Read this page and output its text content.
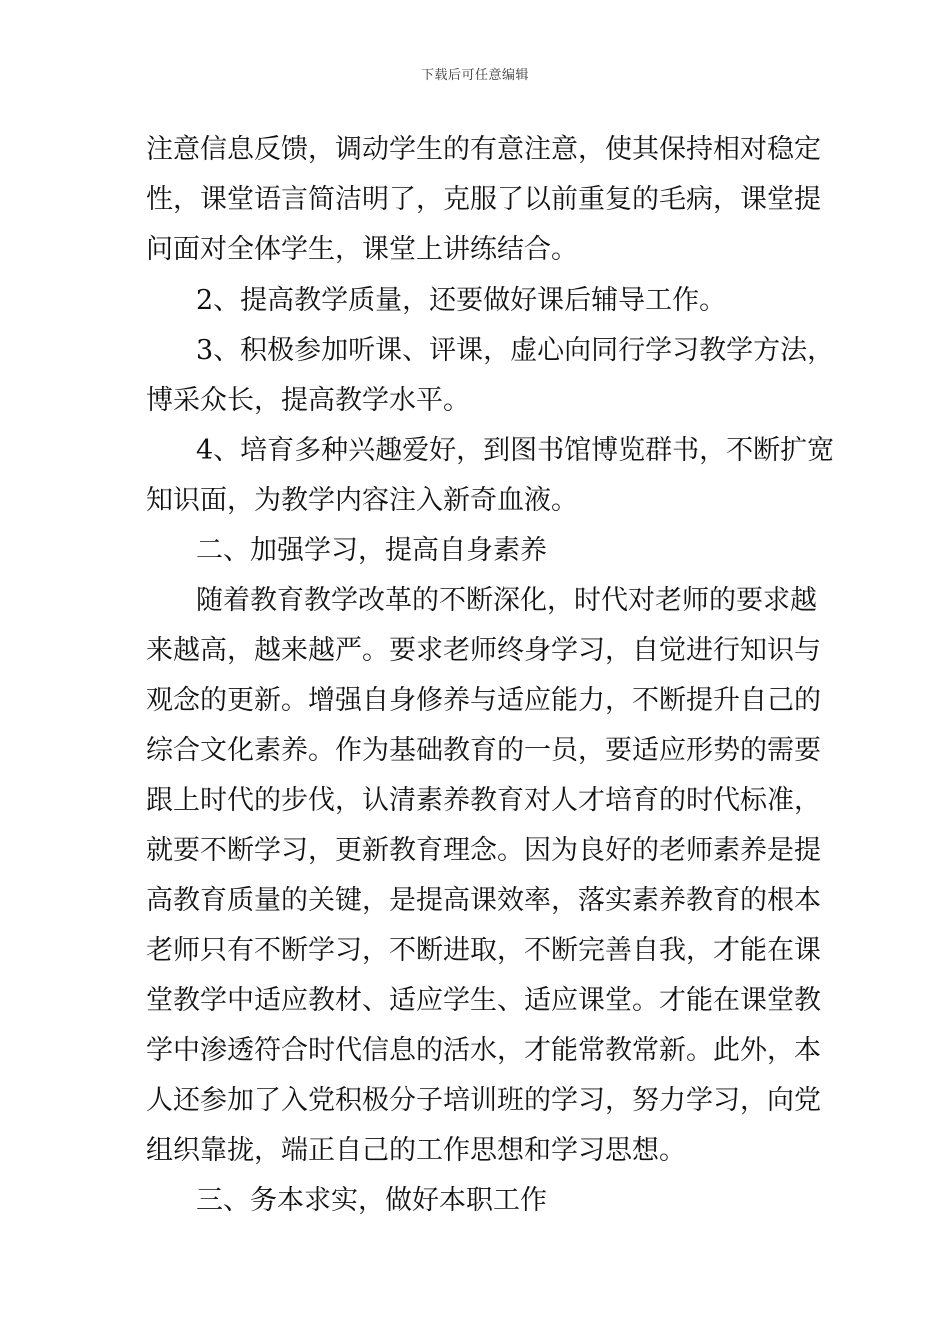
下载后可任意编辑
注意信息反馈，调动学生的有意注意，使其保持相对稳定
性，课堂语言简洁明了，克服了以前重复的毛病，课堂提
问面对全体学生，课堂上讲练结合。
2、提高教学质量，还要做好课后辅导工作。
3、积极参加听课、评课，虚心向同行学习教学方法，
博采众长，提高教学水平。
4、培育多种兴趣爱好，到图书馆博览群书，不断扩宽
知识面，为教学内容注入新奇血液。
二、加强学习，提高自身素养
随着教育教学改革的不断深化，时代对老师的要求越
来越高，越来越严。要求老师终身学习，自觉进行知识与
观念的更新。增强自身修养与适应能力，不断提升自己的
综合文化素养。作为基础教育的一员，要适应形势的需要
跟上时代的步伐，认清素养教育对人才培育的时代标准，
就要不断学习，更新教育理念。因为良好的老师素养是提
高教育质量的关键，是提高课效率，落实素养教育的根本
老师只有不断学习，不断进取，不断完善自我，才能在课
堂教学中适应教材、适应学生、适应课堂。才能在课堂教
学中渗透符合时代信息的活水，才能常教常新。此外，本
人还参加了入党积极分子培训班的学习，努力学习，向党
组织靠拢，端正自己的工作思想和学习思想。
三、务本求实，做好本职工作
